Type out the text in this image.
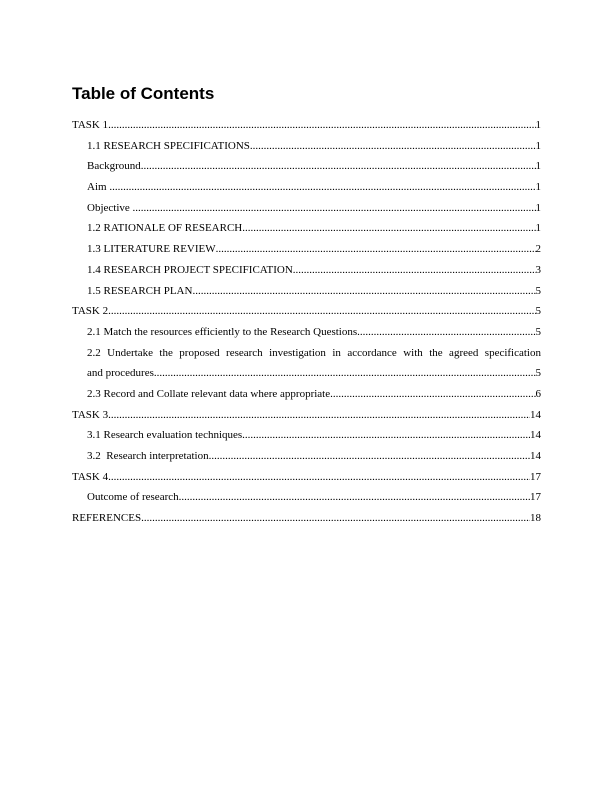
Table of Contents
TASK 1 .....	1
1.1 RESEARCH SPECIFICATIONS .....	1
Background .....	1
Aim .....	1
Objective .....	1
1.2 RATIONALE OF RESEARCH .....	1
1.3 LITERATURE REVIEW .....	2
1.4 RESEARCH PROJECT SPECIFICATION .....	3
1.5 RESEARCH PLAN .....	5
TASK 2 .....	5
2.1 Match the resources efficiently to the Research Questions .....	5
2.2 Undertake the proposed research investigation in accordance with the agreed specification
and procedures .....	5
2.3 Record and Collate relevant data where appropriate .....	6
TASK 3 .....	14
3.1 Research evaluation techniques .....	14
3.2  Research interpretation .....	14
TASK 4 .....	17
Outcome of research .....	17
REFERENCES .....	18
